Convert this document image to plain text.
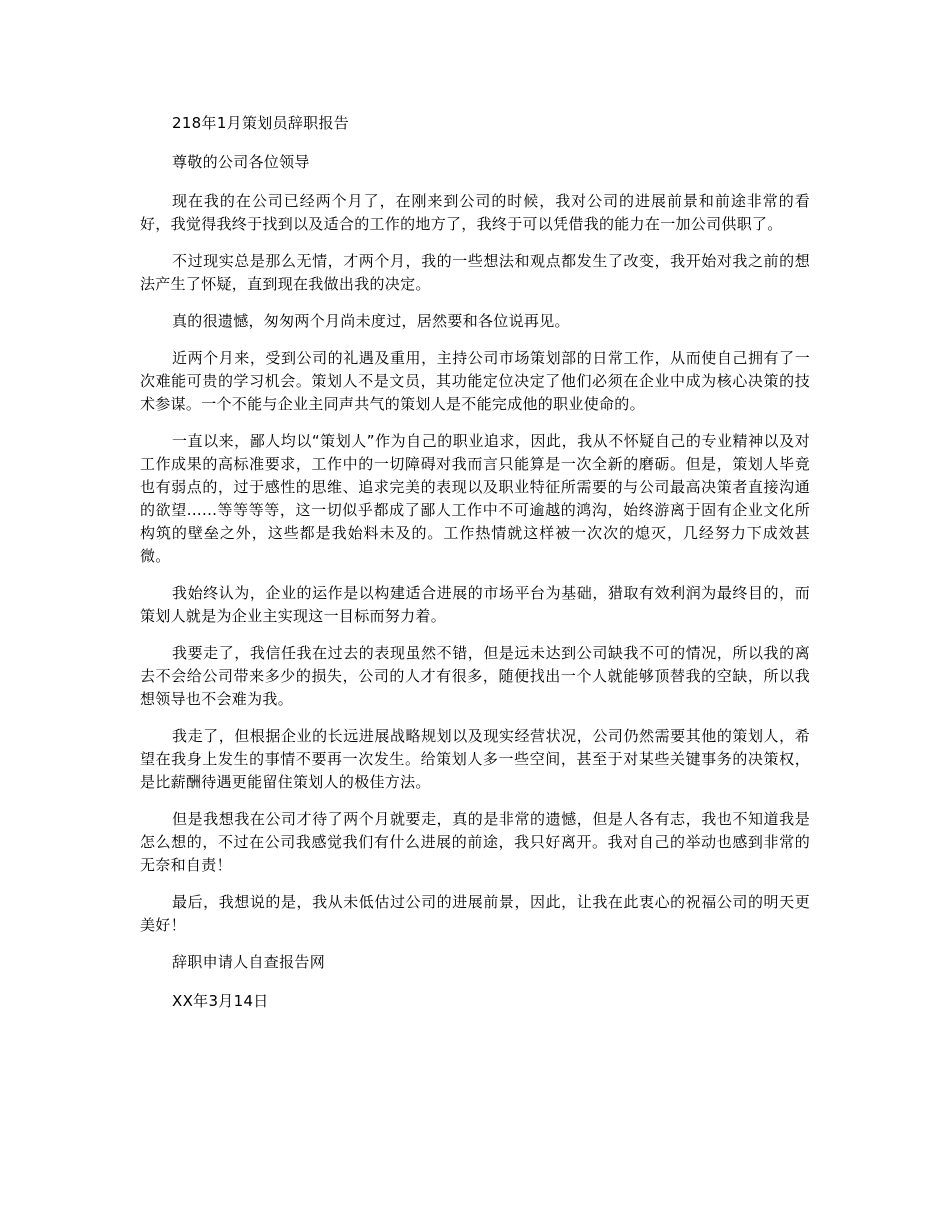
218年1月策划员辞职报告

尊敬的公司各位领导

现在我的在公司已经两个月了，在刚来到公司的时候，我对公司的进展前景和前途非常的看好，我觉得我终于找到以及适合的工作的地方了，我终于可以凭借我的能力在一加公司供职了。

不过现实总是那么无情，才两个月，我的一些想法和观点都发生了改变，我开始对我之前的想法产生了怀疑，直到现在我做出我的决定。

真的很遗憾，匆匆两个月尚未度过，居然要和各位说再见。

近两个月来，受到公司的礼遇及重用，主持公司市场策划部的日常工作，从而使自己拥有了一次难能可贵的学习机会。策划人不是文员，其功能定位决定了他们必须在企业中成为核心决策的技术参谋。一个不能与企业主同声共气的策划人是不能完成他的职业使命的。

一直以来，鄙人均以“策划人”作为自己的职业追求，因此，我从不怀疑自己的专业精神以及对工作成果的高标准要求，工作中的一切障碍对我而言只能算是一次全新的磨砺。但是，策划人毕竟也有弱点的，过于感性的思维、追求完美的表现以及职业特征所需要的与公司最高决策者直接沟通的欲望......等等等等，这一切似乎都成了鄙人工作中不可逾越的鸿沟，始终游离于固有企业文化所构筑的壁垒之外，这些都是我始料未及的。工作热情就这样被一次次的熄灭，几经努力下成效甚微。

我始终认为，企业的运作是以构建适合进展的市场平台为基础，猎取有效利润为最终目的，而策划人就是为企业主实现这一目标而努力着。

我要走了，我信任我在过去的表现虽然不错，但是远未达到公司缺我不可的情况，所以我的离去不会给公司带来多少的损失，公司的人才有很多，随便找出一个人就能够顶替我的空缺，所以我想领导也不会难为我。

我走了，但根据企业的长远进展战略规划以及现实经营状况，公司仍然需要其他的策划人，希望在我身上发生的事情不要再一次发生。给策划人多一些空间，甚至于对某些关键事务的决策权，是比薪酬待遇更能留住策划人的极佳方法。

但是我想我在公司才待了两个月就要走，真的是非常的遗憾，但是人各有志，我也不知道我是怎么想的，不过在公司我感觉我们有什么进展的前途，我只好离开。我对自己的举动也感到非常的无奈和自责！

最后，我想说的是，我从未低估过公司的进展前景，因此，让我在此衷心的祝福公司的明天更美好！

辞职申请人自查报告网

XX年3月14日
